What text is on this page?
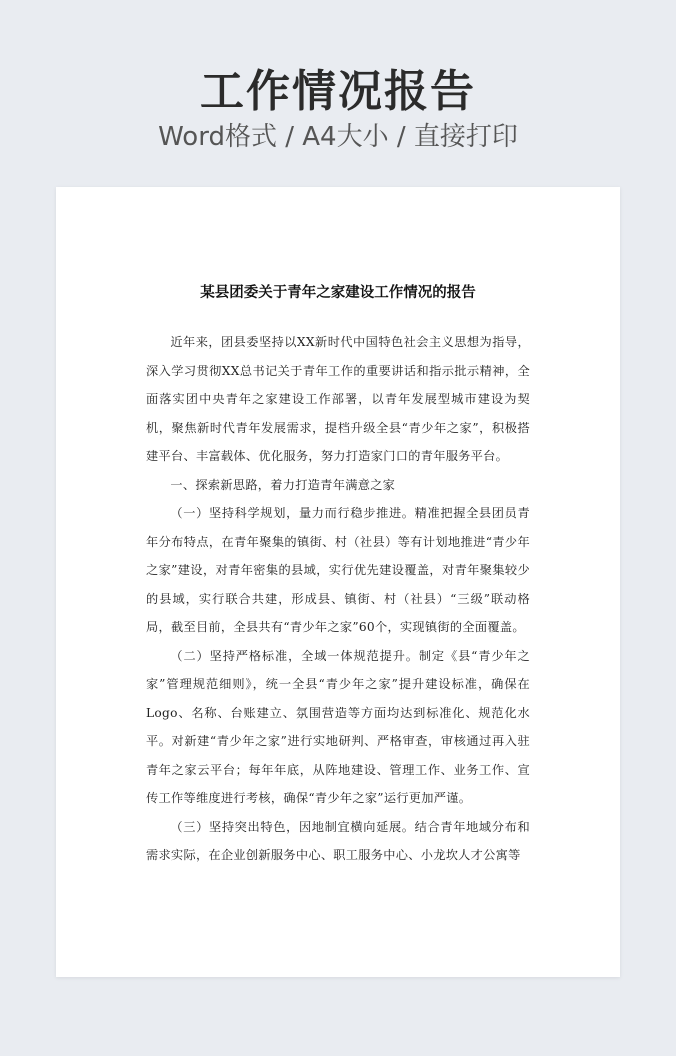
工作情况报告
Word格式 / A4大小 / 直接打印
某县团委关于青年之家建设工作情况的报告

近年来，团县委坚持以XX新时代中国特色社会主义思想为指导，深入学习贯彻XX总书记关于青年工作的重要讲话和指示批示精神，全面落实团中央青年之家建设工作部署，以青年发展型城市建设为契机，聚焦新时代青年发展需求，提档升级全县“青少年之家”，积极搭建平台、丰富载体、优化服务，努力打造家门口的青年服务平台。

一、探索新思路，着力打造青年满意之家

（一）坚持科学规划，量力而行稳步推进。精准把握全县团员青年分布特点，在青年聚集的镇街、村（社县）等有计划地推进“青少年之家”建设，对青年密集的县域，实行优先建设覆盖，对青年聚集较少的县域，实行联合共建，形成县、镇街、村（社县）“三级”联动格局，截至目前，全县共有“青少年之家”60个，实现镇街的全面覆盖。

（二）坚持严格标准，全域一体规范提升。制定《县“青少年之家”管理规范细则》，统一全县“青少年之家”提升建设标准，确保在Logo、名称、台账建立、氛围营造等方面均达到标准化、规范化水平。对新建“青少年之家”进行实地研判、严格审查，审核通过再入驻青年之家云平台；每年年底，从阵地建设、管理工作、业务工作、宣传工作等维度进行考核，确保“青少年之家”运行更加严谨。

（三）坚持突出特色，因地制宜横向延展。结合青年地域分布和需求实际，在企业创新服务中心、职工服务中心、小龙坎人才公寓等
